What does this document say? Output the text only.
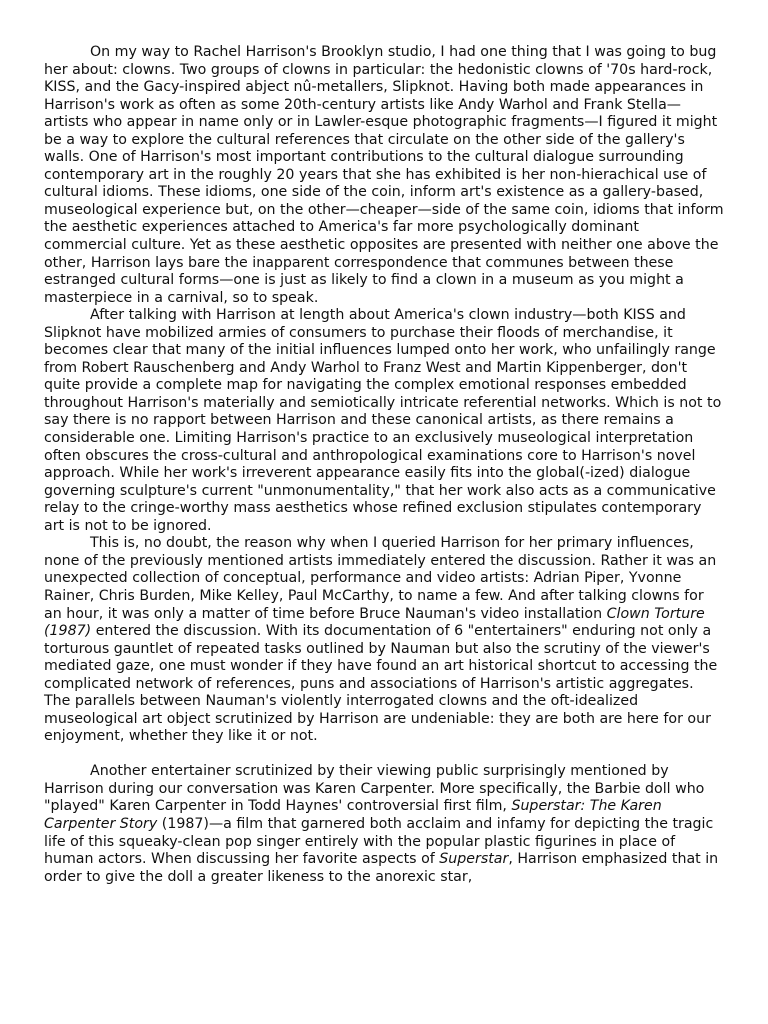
On my way to Rachel Harrison's Brooklyn studio, I had one thing that I was going to bug her about: clowns. Two groups of clowns in particular: the hedonistic clowns of '70s hard-rock, KISS, and the Gacy-inspired abject nû-metallers, Slipknot. Having both made appearances in Harrison's work as often as some 20th-century artists like Andy Warhol and Frank Stella—artists who appear in name only or in Lawler-esque photographic fragments—I figured it might be a way to explore the cultural references that circulate on the other side of the gallery's walls. One of Harrison's most important contributions to the cultural dialogue surrounding contemporary art in the roughly 20 years that she has exhibited is her non-hierachical use of cultural idioms. These idioms, one side of the coin, inform art's existence as a gallery-based, museological experience but, on the other—cheaper—side of the same coin, idioms that inform the aesthetic experiences attached to America's far more psychologically dominant commercial culture. Yet as these aesthetic opposites are presented with neither one above the other, Harrison lays bare the inapparent correspondence that communes between these estranged cultural forms—one is just as likely to find a clown in a museum as you might a masterpiece in a carnival, so to speak.

After talking with Harrison at length about America's clown industry—both KISS and Slipknot have mobilized armies of consumers to purchase their floods of merchandise, it becomes clear that many of the initial influences lumped onto her work, who unfailingly range from Robert Rauschenberg and Andy Warhol to Franz West and Martin Kippenberger, don't quite provide a complete map for navigating the complex emotional responses embedded throughout Harrison's materially and semiotically intricate referential networks. Which is not to say there is no rapport between Harrison and these canonical artists, as there remains a considerable one. Limiting Harrison's practice to an exclusively museological interpretation often obscures the cross-cultural and anthropological examinations core to Harrison's novel approach. While her work's irreverent appearance easily fits into the global(-ized) dialogue governing sculpture's current "unmonumentality," that her work also acts as a communicative relay to the cringe-worthy mass aesthetics whose refined exclusion stipulates contemporary art is not to be ignored.

This is, no doubt, the reason why when I queried Harrison for her primary influences, none of the previously mentioned artists immediately entered the discussion. Rather it was an unexpected collection of conceptual, performance and video artists: Adrian Piper, Yvonne Rainer, Chris Burden, Mike Kelley, Paul McCarthy, to name a few. And after talking clowns for an hour, it was only a matter of time before Bruce Nauman's video installation Clown Torture (1987) entered the discussion. With its documentation of 6 "entertainers" enduring not only a torturous gauntlet of repeated tasks outlined by Nauman but also the scrutiny of the viewer's mediated gaze, one must wonder if they have found an art historical shortcut to accessing the complicated network of references, puns and associations of Harrison's artistic aggregates. The parallels between Nauman's violently interrogated clowns and the oft-idealized museological art object scrutinized by Harrison are undeniable: they are both are here for our enjoyment, whether they like it or not.

Another entertainer scrutinized by their viewing public surprisingly mentioned by Harrison during our conversation was Karen Carpenter. More specifically, the Barbie doll who "played" Karen Carpenter in Todd Haynes' controversial first film, Superstar: The Karen Carpenter Story (1987)—a film that garnered both acclaim and infamy for depicting the tragic life of this squeaky-clean pop singer entirely with the popular plastic figurines in place of human actors. When discussing her favorite aspects of Superstar, Harrison emphasized that in order to give the doll a greater likeness to the anorexic star,
